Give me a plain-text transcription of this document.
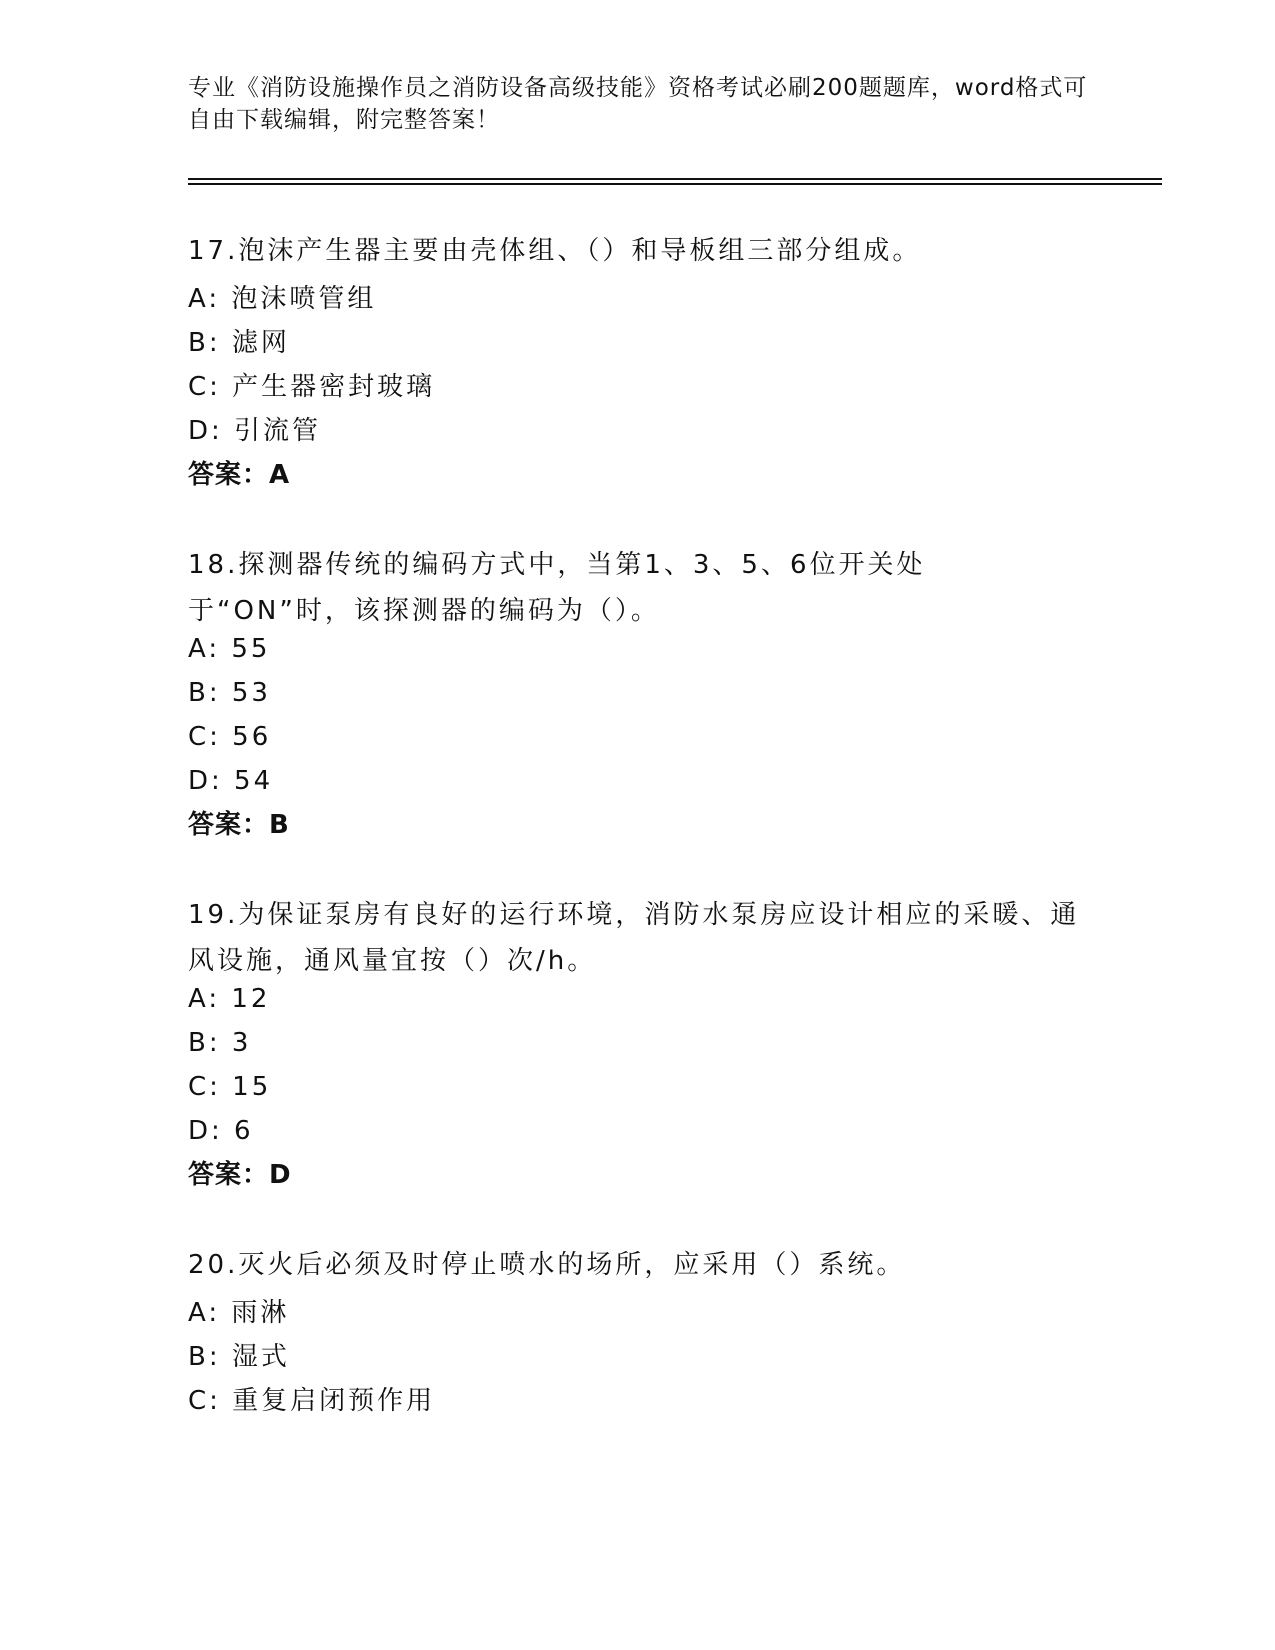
专业《消防设施操作员之消防设备高级技能》资格考试必刷200题题库，word格式可自由下载编辑，附完整答案！
17.泡沫产生器主要由壳体组、（）和导板组三部分组成。
A: 泡沫喷管组
B: 滤网
C: 产生器密封玻璃
D: 引流管
答案：A
18.探测器传统的编码方式中，当第1、3、5、6位开关处于“ON”时，该探测器的编码为（）。
A: 55
B: 53
C: 56
D: 54
答案：B
19.为保证泵房有良好的运行环境，消防水泵房应设计相应的采暖、通风设施，通风量宜按（）次/h。
A: 12
B: 3
C: 15
D: 6
答案：D
20.灭火后必须及时停止喷水的场所，应采用（）系统。
A: 雨淋
B: 湿式
C: 重复启闭预作用
